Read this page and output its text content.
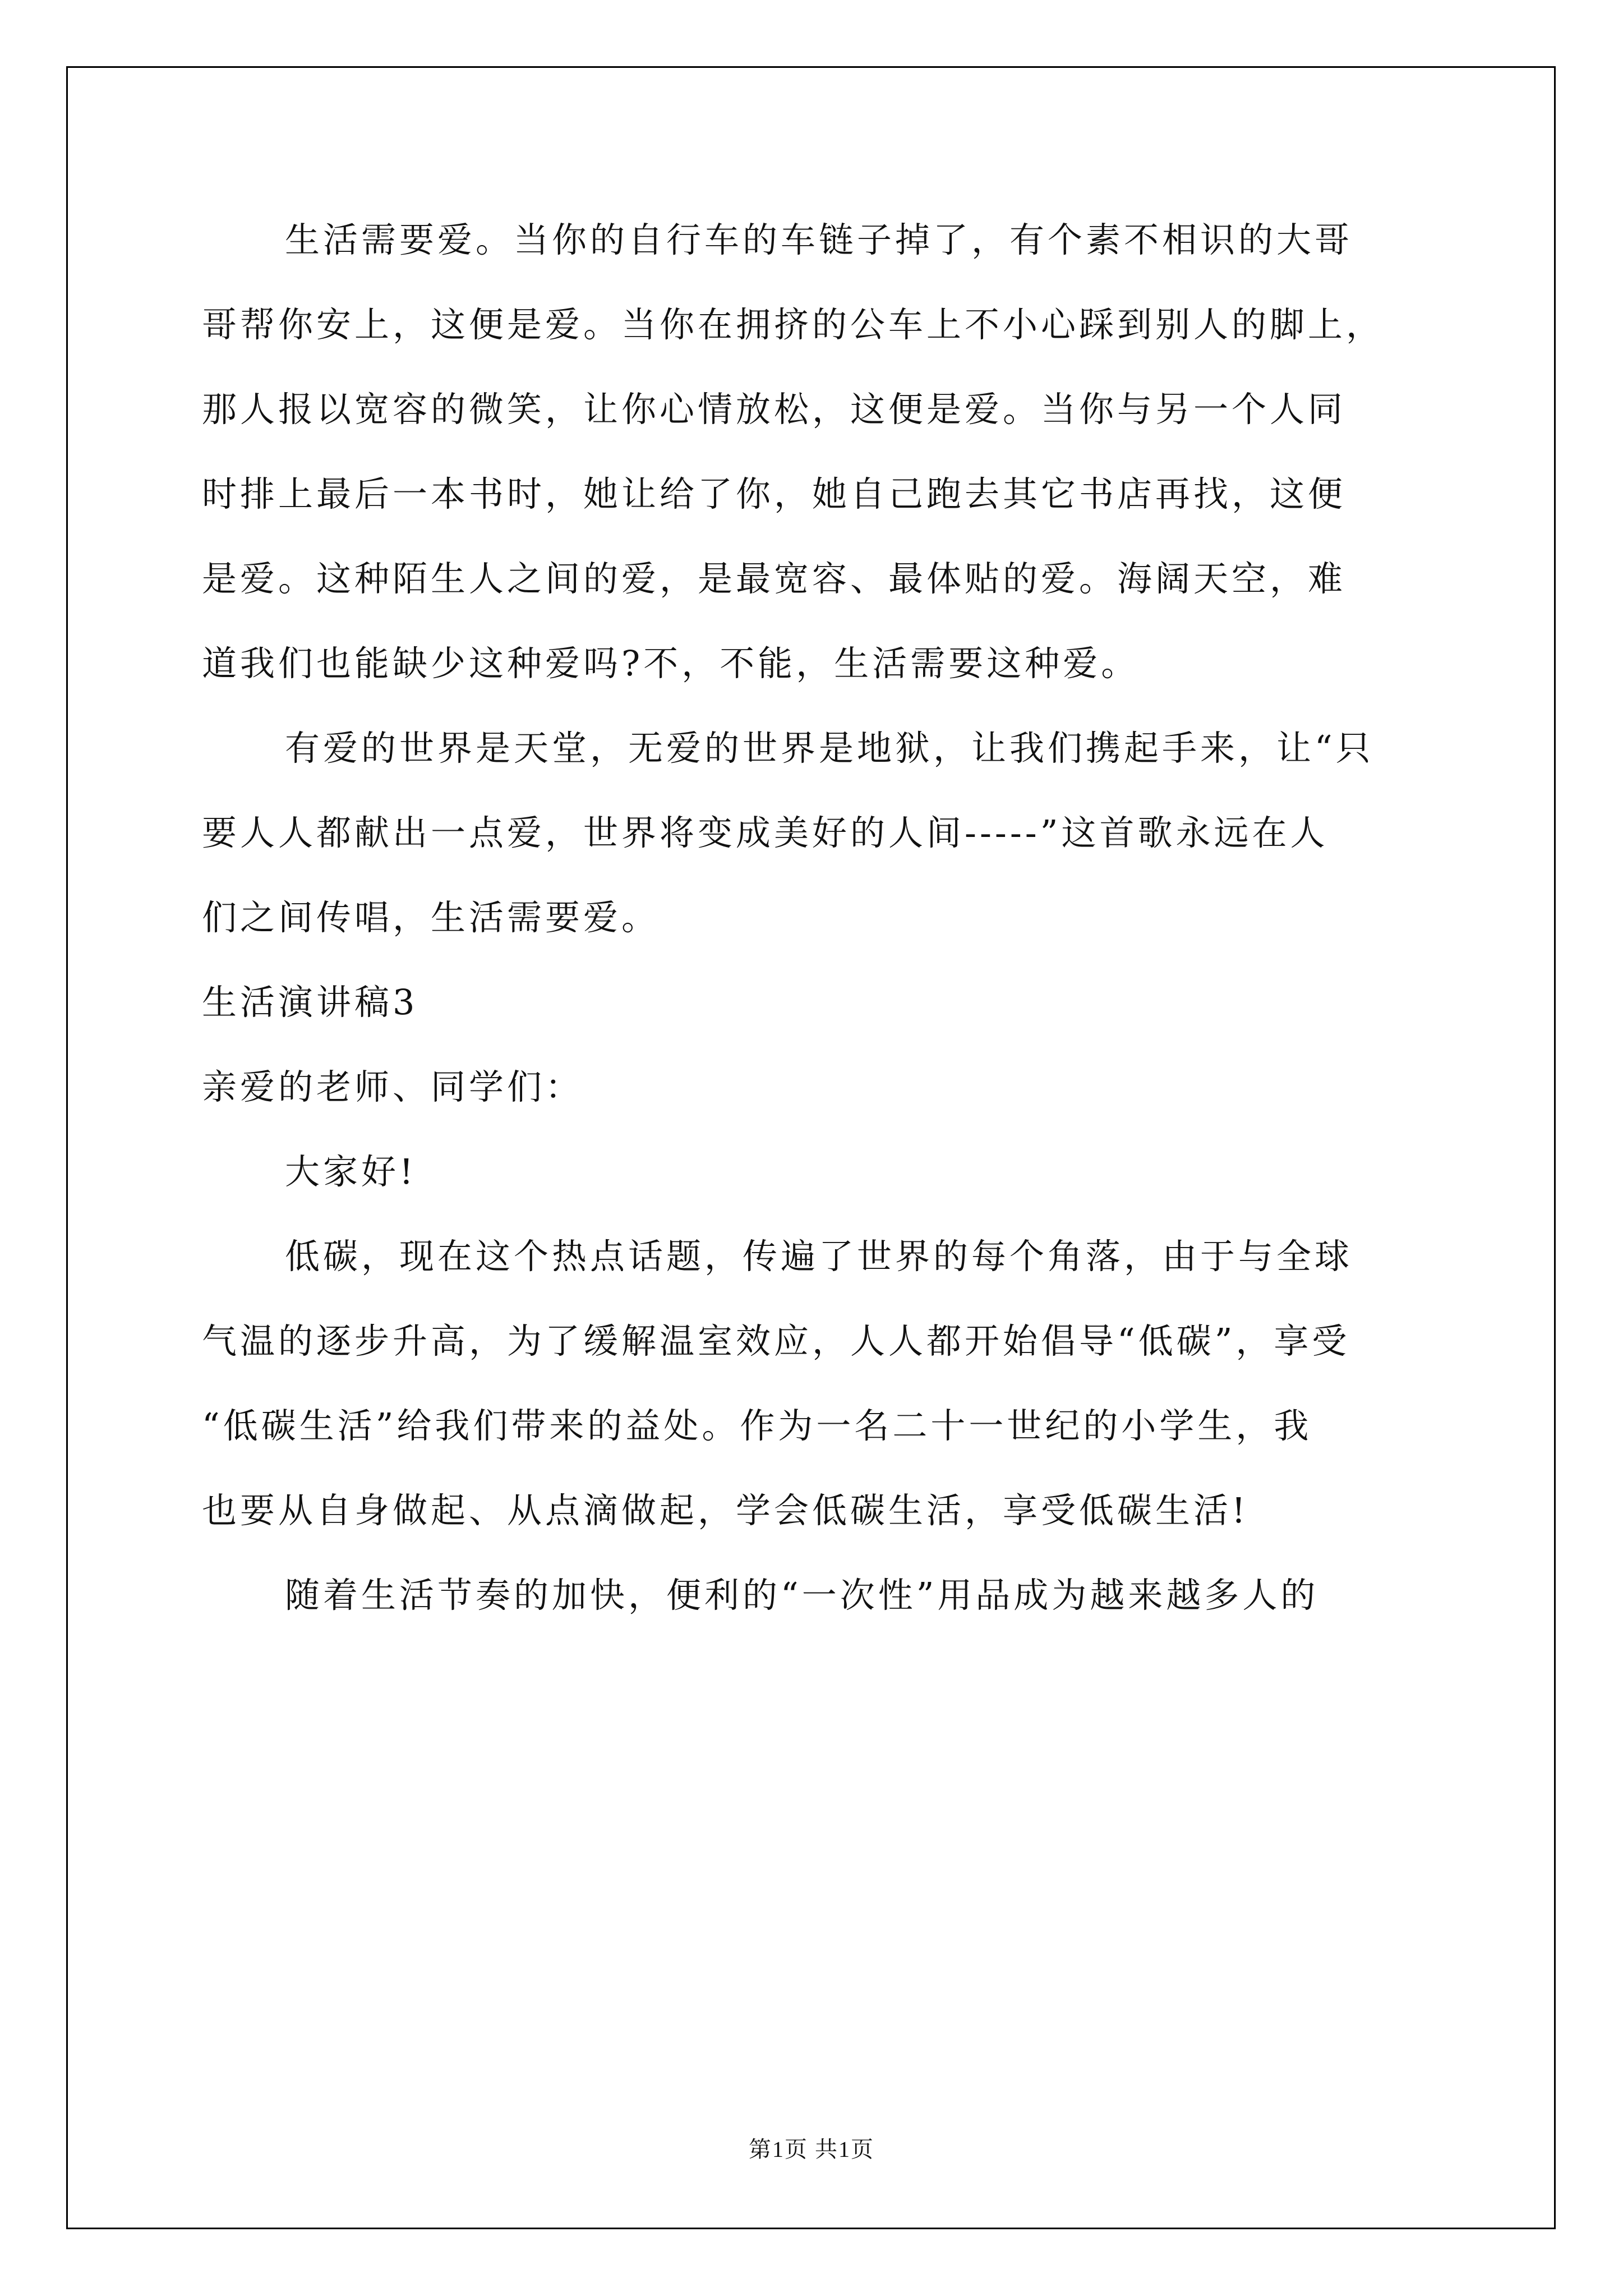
生活需要爱。当你的自行车的车链子掉了，有个素不相识的大哥
哥帮你安上，这便是爱。当你在拥挤的公车上不小心踩到别人的脚上，
那人报以宽容的微笑，让你心情放松，这便是爱。当你与另一个人同
时排上最后一本书时，她让给了你，她自己跑去其它书店再找，这便
是爱。这种陌生人之间的爱，是最宽容、最体贴的爱。海阔天空，难
道我们也能缺少这种爱吗?不，不能，生活需要这种爱。
有爱的世界是天堂，无爱的世界是地狱，让我们携起手来，让“只
要人人都献出一点爱，世界将变成美好的人间-----”这首歌永远在人
们之间传唱，生活需要爱。
生活演讲稿3
亲爱的老师、同学们：
大家好!
低碳，现在这个热点话题，传遍了世界的每个角落，由于与全球
气温的逐步升高，为了缓解温室效应，人人都开始倡导“低碳”，享受
“低碳生活”给我们带来的益处。作为一名二十一世纪的小学生，我
也要从自身做起、从点滴做起，学会低碳生活，享受低碳生活!
随着生活节奏的加快，便利的“一次性”用品成为越来越多人的
第1页 共1页
